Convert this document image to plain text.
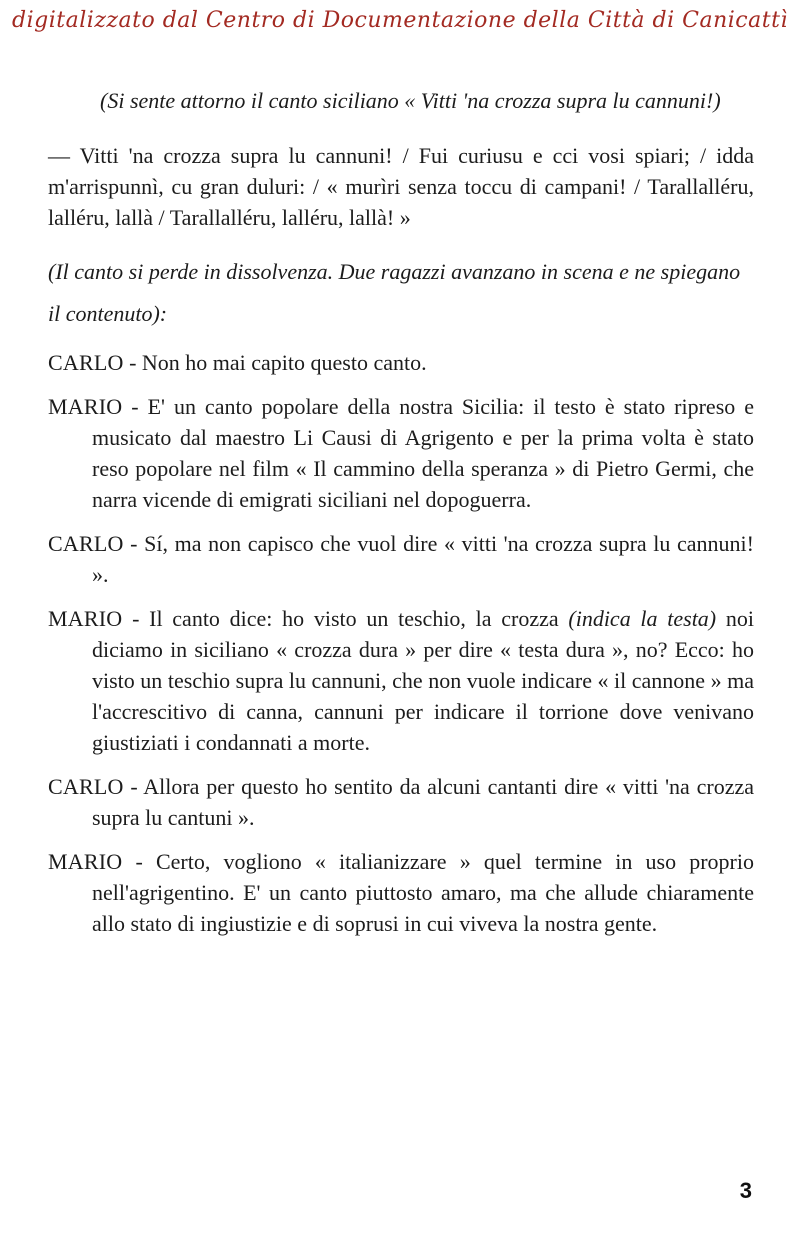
digitalizzato dal Centro di Documentazione della Città di Canicattì

(Si sente attorno il canto siciliano « Vitti 'na crozza supra lu cannuni!)

— Vitti 'na crozza supra lu cannuni! / Fui curiusu e cci vosi spiari; / idda m'arrispunnì, cu gran duluri: / « murìri senza toccu di campani! / Tarallalléru, lalléru, lallà / Tarallalléru, lalléru, lallà! »

(Il canto si perde in dissolvenza. Due ragazzi avanzano in scena e ne spiegano il contenuto):

CARLO - Non ho mai capito questo canto.

MARIO - E' un canto popolare della nostra Sicilia: il testo è stato ripreso e musicato dal maestro Li Causi di Agrigento e per la prima volta è stato reso popolare nel film « Il cammino della speranza » di Pietro Germi, che narra vicende di emigrati siciliani nel dopoguerra.

CARLO - Sí, ma non capisco che vuol dire « vitti 'na crozza supra lu cannuni! ».

MARIO - Il canto dice: ho visto un teschio, la crozza (indica la testa) noi diciamo in siciliano « crozza dura » per dire « testa dura », no? Ecco: ho visto un teschio supra lu cannuni, che non vuole indicare « il cannone » ma l'accrescitivo di canna, cannuni per indicare il torrione dove venivano giustiziati i condannati a morte.

CARLO - Allora per questo ho sentito da alcuni cantanti dire « vitti 'na crozza supra lu cantuni ».

MARIO - Certo, vogliono « italianizzare » quel termine in uso proprio nell'agrigentino. E' un canto piuttosto amaro, ma che allude chiaramente allo stato di ingiustizie e di soprusi in cui viveva la nostra gente.

3
